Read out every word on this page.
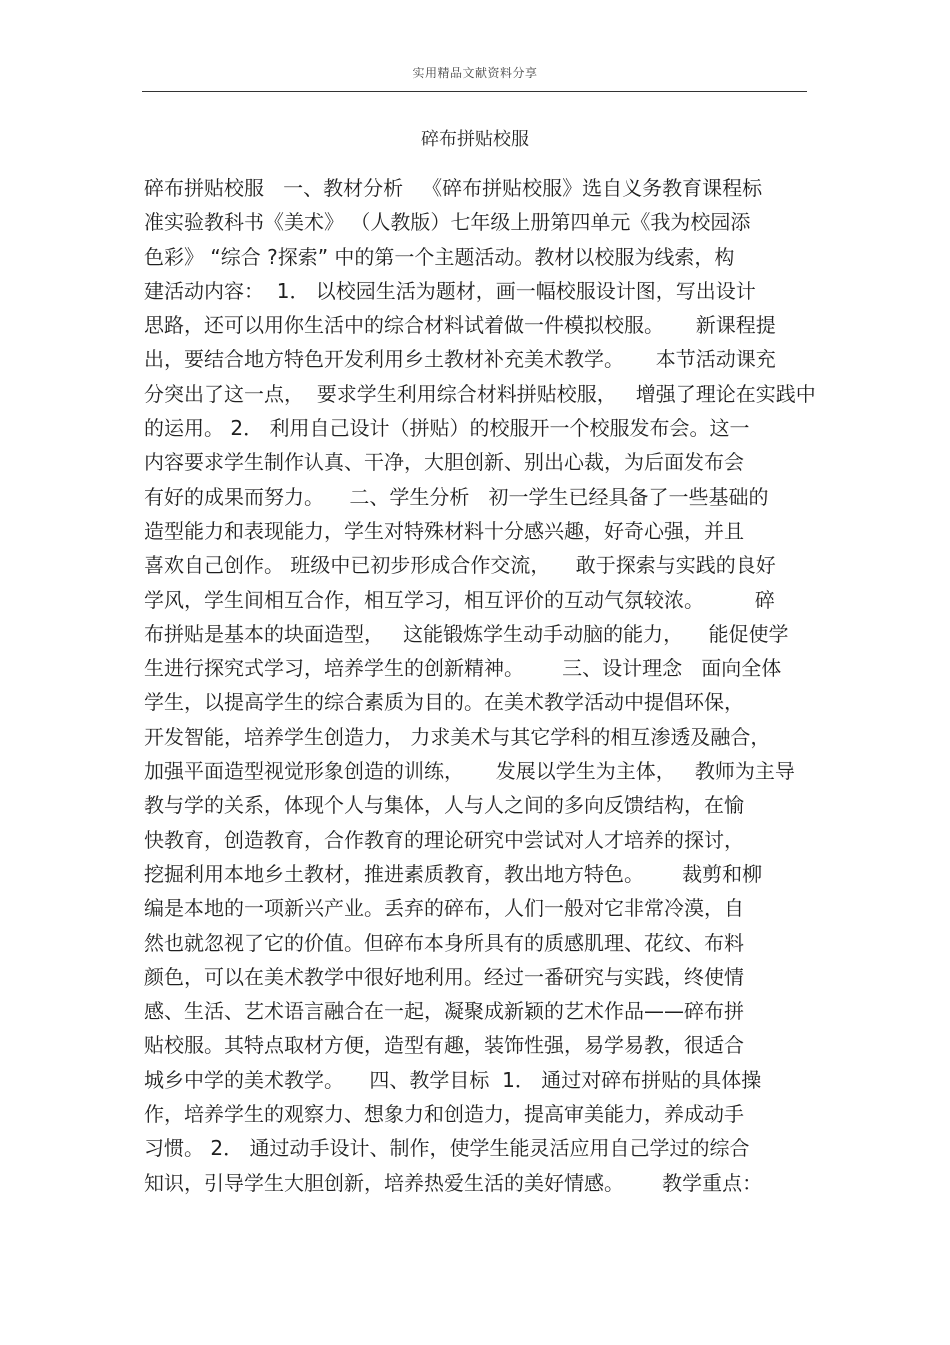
实用精品文献资料分享
碎布拼贴校服
碎布拼贴校服   一、教材分析   《碎布拼贴校服》选自义务教育课程标
准实验教科书《美术》 （人教版）七年级上册第四单元《我为校园添
色彩》 “综合 ?探索” 中的第一个主题活动。教材以校服为线索，构
建活动内容：  1． 以校园生活为题材，画一幅校服设计图，写出设计
思路，还可以用你生活中的综合材料试着做一件模拟校服。     新课程提
出，要结合地方特色开发利用乡土教材补充美术教学。     本节活动课充
分突出了这一点，  要求学生利用综合材料拼贴校服，   增强了理论在实践中
的运用。 2． 利用自己设计（拼贴）的校服开一个校服发布会。这一
内容要求学生制作认真、干净，大胆创新、别出心裁，为后面发布会
有好的成果而努力。    二、学生分析   初一学生已经具备了一些基础的
造型能力和表现能力，学生对特殊材料十分感兴趣，好奇心强，并且
喜欢自己创作。 班级中已初步形成合作交流，    敢于探索与实践的良好
学风，学生间相互合作，相互学习，相互评价的互动气氛较浓。        碎
布拼贴是基本的块面造型，   这能锻炼学生动手动脑的能力，    能促使学
生进行探究式学习，培养学生的创新精神。      三、设计理念   面向全体
学生，以提高学生的综合素质为目的。在美术教学活动中提倡环保，
开发智能，培养学生创造力， 力求美术与其它学科的相互渗透及融合，
加强平面造型视觉形象创造的训练，     发展以学生为主体，   教师为主导
教与学的关系，体现个人与集体，人与人之间的多向反馈结构，在愉
快教育，创造教育，合作教育的理论研究中尝试对人才培养的探讨，
挖掘利用本地乡土教材，推进素质教育，教出地方特色。      裁剪和柳
编是本地的一项新兴产业。丢弃的碎布，人们一般对它非常冷漠，自
然也就忽视了它的价值。但碎布本身所具有的质感肌理、花纹、布料
颜色，可以在美术教学中很好地利用。经过一番研究与实践，终使情
感、生活、艺术语言融合在一起，凝聚成新颖的艺术作品——碎布拼
贴校服。其特点取材方便，造型有趣，装饰性强，易学易教，很适合
城乡中学的美术教学。    四、教学目标  1． 通过对碎布拼贴的具体操
作，培养学生的观察力、想象力和创造力，提高审美能力，养成动手
习惯。 2． 通过动手设计、制作，使学生能灵活应用自己学过的综合
知识，引导学生大胆创新，培养热爱生活的美好情感。      教学重点：
